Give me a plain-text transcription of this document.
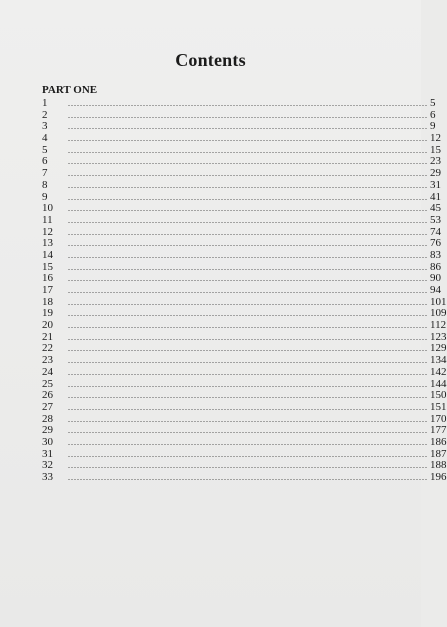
Contents
PART ONE
1	........................................................................................................................ 5
2	........................................................................................................................ 6
3	........................................................................................................................ 9
4	........................................................................................................................ 12
5	........................................................................................................................ 15
6	........................................................................................................................ 23
7	........................................................................................................................ 29
8	........................................................................................................................ 31
9	........................................................................................................................ 41
10	........................................................................................................................ 45
11	........................................................................................................................ 53
12	........................................................................................................................ 74
13	........................................................................................................................ 76
14	........................................................................................................................ 83
15	........................................................................................................................ 86
16	........................................................................................................................ 90
17	........................................................................................................................ 94
18	........................................................................................................................ 101
19	........................................................................................................................ 109
20	........................................................................................................................ 112
21	........................................................................................................................ 123
22	........................................................................................................................ 129
23	........................................................................................................................ 134
24	........................................................................................................................ 142
25	........................................................................................................................ 144
26	........................................................................................................................ 150
27	........................................................................................................................ 151
28	........................................................................................................................ 170
29	........................................................................................................................ 177
30	........................................................................................................................ 186
31	........................................................................................................................ 187
32	........................................................................................................................ 188
33	........................................................................................................................ 196
